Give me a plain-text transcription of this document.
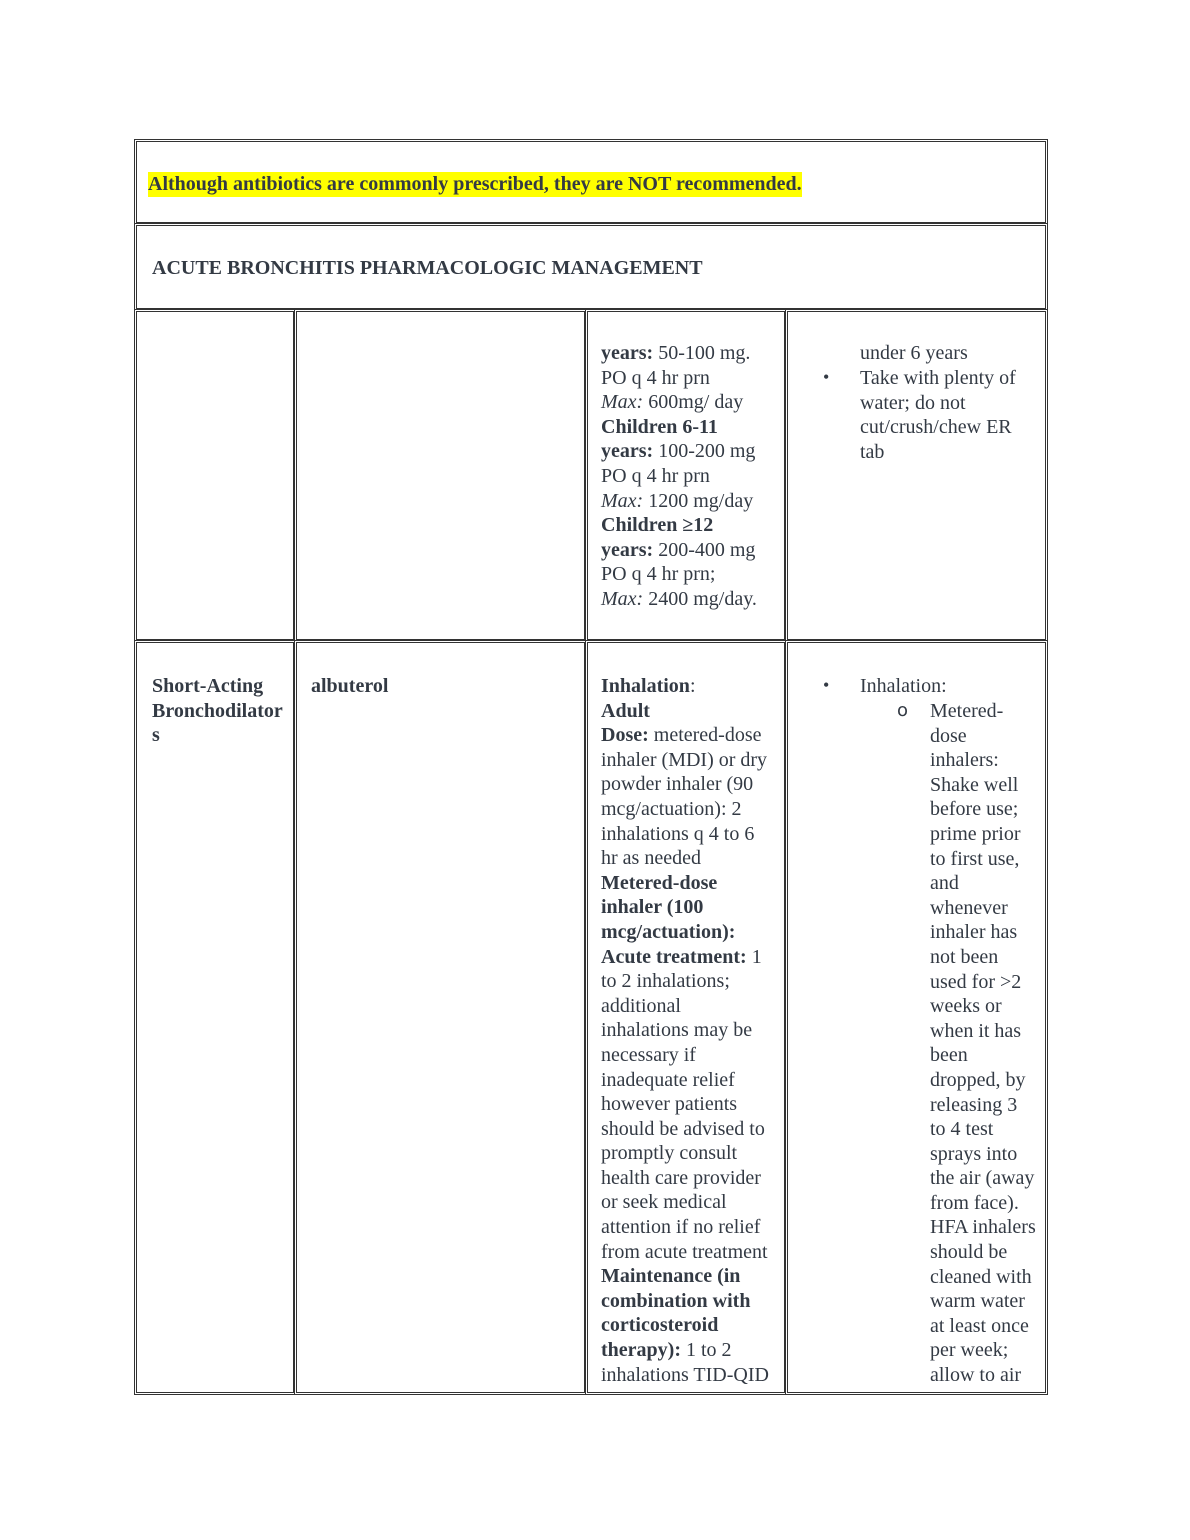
Although antibiotics are commonly prescribed, they are NOT recommended.
ACUTE BRONCHITIS PHARMACOLOGIC MANAGEMENT
years: 50-100 mg.
PO q 4 hr prn
Max: 600mg/ day
Children 6-11
years: 100-200 mg
PO q 4 hr prn
Max: 1200 mg/day
Children ≥12
years: 200-400 mg
PO q 4 hr prn;
Max: 2400 mg/day.
under 6 years
• Take with plenty of
water; do not
cut/crush/chew ER
tab
Short-Acting
Bronchodilator
s
albuterol	Inhalation:
Adult
Dose: metered-dose
inhaler (MDI) or dry
powder inhaler (90
mcg/actuation): 2
inhalations q 4 to 6
hr as needed
Metered-dose
inhaler (100
mcg/actuation):
Acute treatment: 1
to 2 inhalations;
additional
inhalations may be
necessary if
inadequate relief
however patients
should be advised to
promptly consult
health care provider
or seek medical
attention if no relief
from acute treatment
Maintenance (in
combination with
corticosteroid
therapy): 1 to 2
inhalations TID-QID
• Inhalation:
o Metered-
dose
inhalers:
Shake well
before use;
prime prior
to first use,
and
whenever
inhaler has
not been
used for >2
weeks or
when it has
been
dropped, by
releasing 3
to 4 test
sprays into
the air (away
from face).
HFA inhalers
should be
cleaned with
warm water
at least once
per week;
allow to air
